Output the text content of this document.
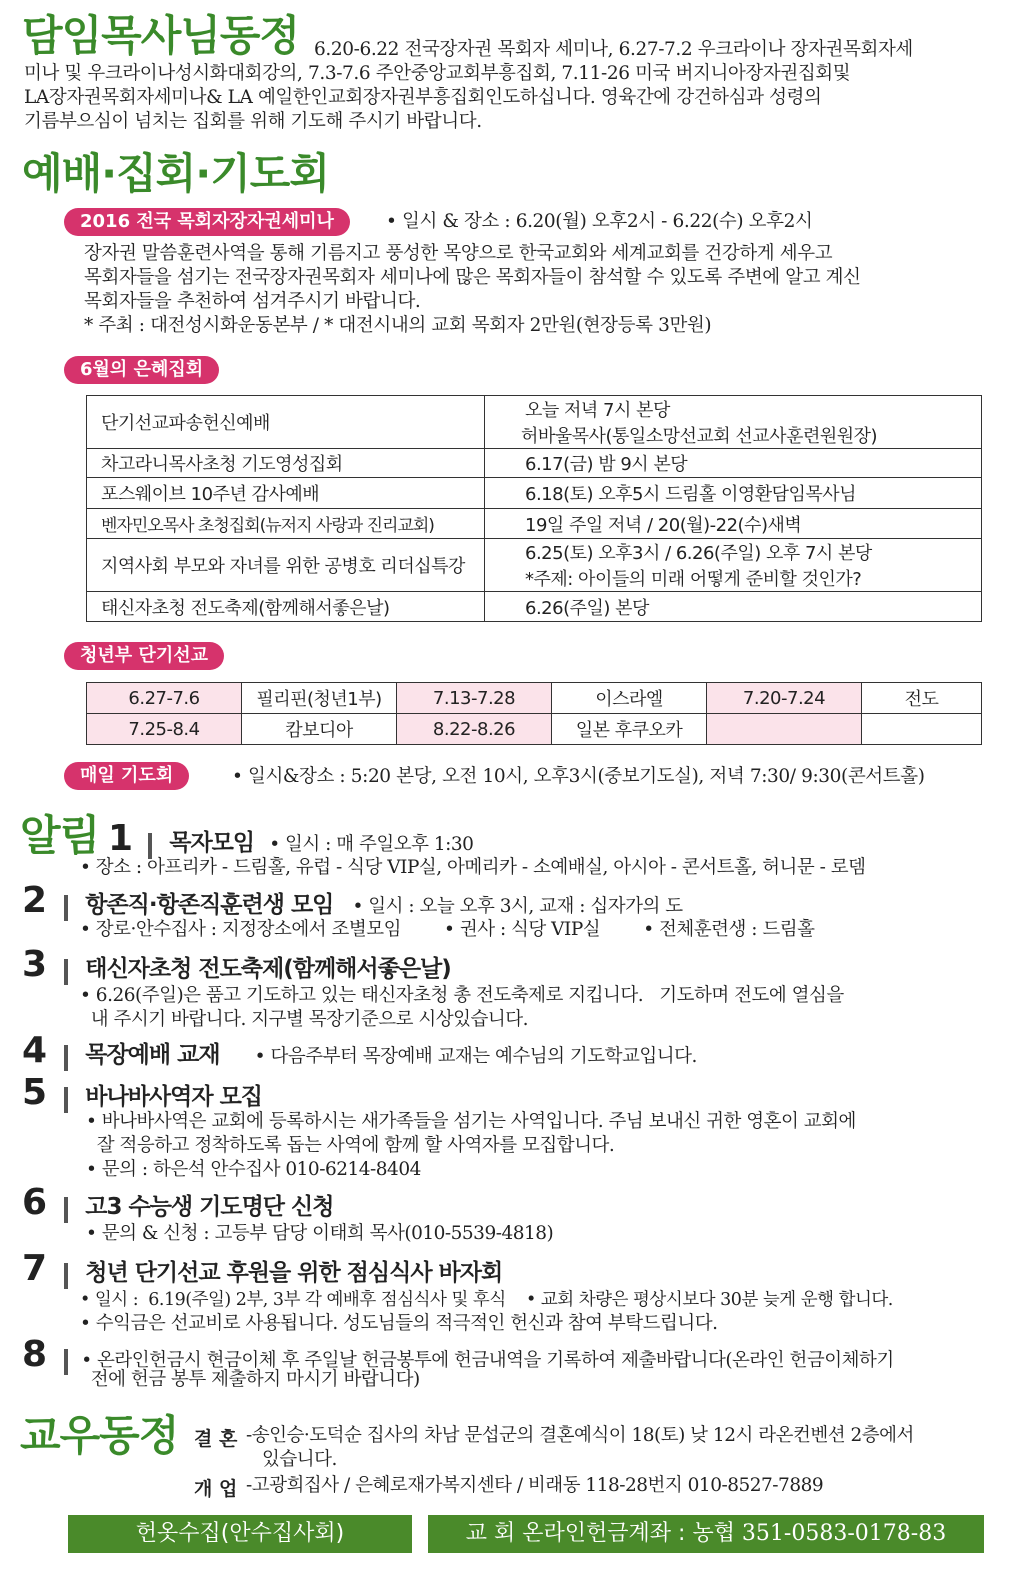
담임목사님동정 6.20-6.22 전국장자권 목회자 세미나, 6.27-7.2 우크라이나 장자권목회자세
미나 및 우크라이나성시화대회강의, 7.3-7.6 주안중앙교회부흥집회, 7.11-26 미국 버지니아장자권집회및
LA장자권목회자세미나& LA 예일한인교회장자권부흥집회인도하십니다. 영육간에 강건하심과 성령의
기름부으심이 넘치는 집회를 위해 기도해 주시기 바랍니다.
예배·집회·기도회
2016 전국 목회자장자권세미나	• 일시 & 장소 : 6.20(월) 오후2시 - 6.22(수) 오후2시
장자권 말씀훈련사역을 통해 기름지고 풍성한 목양으로 한국교회와 세계교회를 건강하게 세우고
목회자들을 섬기는 전국장자권목회자 세미나에 많은 목회자들이 참석할 수 있도록 주변에 알고 계신
목회자들을 추천하여 섬겨주시기 바랍니다.
* 주최 : 대전성시화운동본부 / * 대전시내의 교회 목회자 2만원(현장등록 3만원)
6월의 은혜집회
단기선교파송헌신예배	오늘 저녁 7시 본당
허바울목사(통일소망선교회 선교사훈련원원장)

차고라니목사초청 기도영성집회	6.17(금) 밤 9시 본당
포스웨이브 10주년 감사예배	6.18(토) 오후5시 드림홀 이영환담임목사님
벤자민오목사 초청집회(뉴저지 사랑과 진리교회)	19일 주일 저녁 / 20(월)-22(수)새벽
지역사회 부모와 자녀를 위한 공병호 리더십특강	6.25(토) 오후3시 / 6.26(주일) 오후 7시 본당
*주제: 아이들의 미래 어떻게 준비할 것인가?

태신자초청 전도축제(함께해서좋은날)	6.26(주일) 본당
청년부 단기선교
6.27-7.6	필리핀(청년1부)	7.13-7.28	이스라엘	7.20-7.24	전도
7.25-8.4	캄보디아	8.22-8.26	일본 후쿠오카		
매일 기도회	• 일시&장소 : 5:20 본당, 오전 10시, 오후3시(중보기도실), 저녁 7:30/ 9:30(콘서트홀)
알림 1 목자모임 • 일시 : 매 주일오후 1:30
• 장소 : 아프리카 - 드림홀, 유럽 - 식당 VIP실, 아메리카 - 소예배실, 아시아 - 콘서트홀, 허니문 - 로뎀
2 항존직·항존직훈련생 모임 • 일시 : 오늘 오후 3시, 교재 : 십자가의 도
• 장로·안수집사 : 지정장소에서 조별모임        • 권사 : 식당 VIP실        • 전체훈련생 : 드림홀
3 태신자초청 전도축제(함께해서좋은날)
• 6.26(주일)은 품고 기도하고 있는 태신자초청 총 전도축제로 지킵니다.   기도하며 전도에 열심을
내 주시기 바랍니다. 지구별 목장기준으로 시상있습니다.
4 목장예배 교재 • 다음주부터 목장예배 교재는 예수님의 기도학교입니다.
5 바나바사역자 모집
• 바나바사역은 교회에 등록하시는 새가족들을 섬기는 사역입니다. 주님 보내신 귀한 영혼이 교회에
잘 적응하고 정착하도록 돕는 사역에 함께 할 사역자를 모집합니다.
• 문의 : 하은석 안수집사 010-6214-8404
6 고3 수능생 기도명단 신청
• 문의 & 신청 : 고등부 담당 이태희 목사(010-5539-4818)
7 청년 단기선교 후원을 위한 점심식사 바자회
• 일시 :  6.19(주일) 2부, 3부 각 예배후 점심식사 및 후식    • 교회 차량은 평상시보다 30분 늦게 운행 합니다.
• 수익금은 선교비로 사용됩니다. 성도님들의 적극적인 헌신과 참여 부탁드립니다.
8 • 온라인헌금시 현금이체 후 주일날 헌금봉투에 헌금내역을 기록하여 제출바랍니다(온라인 헌금이체하기
전에 헌금 봉투 제출하지 마시기 바랍니다)
교우동정 결 혼 -송인승·도덕순 집사의 차남 문섭군의 결혼예식이 18(토) 낮 12시 라온컨벤션 2층에서
있습니다.
개 업 -고광희집사 / 은혜로재가복지센타 / 비래동 118-28번지 010-8527-7889
헌옷수집(안수집사회)	교 회 온라인헌금계좌 : 농협 351-0583-0178-83
